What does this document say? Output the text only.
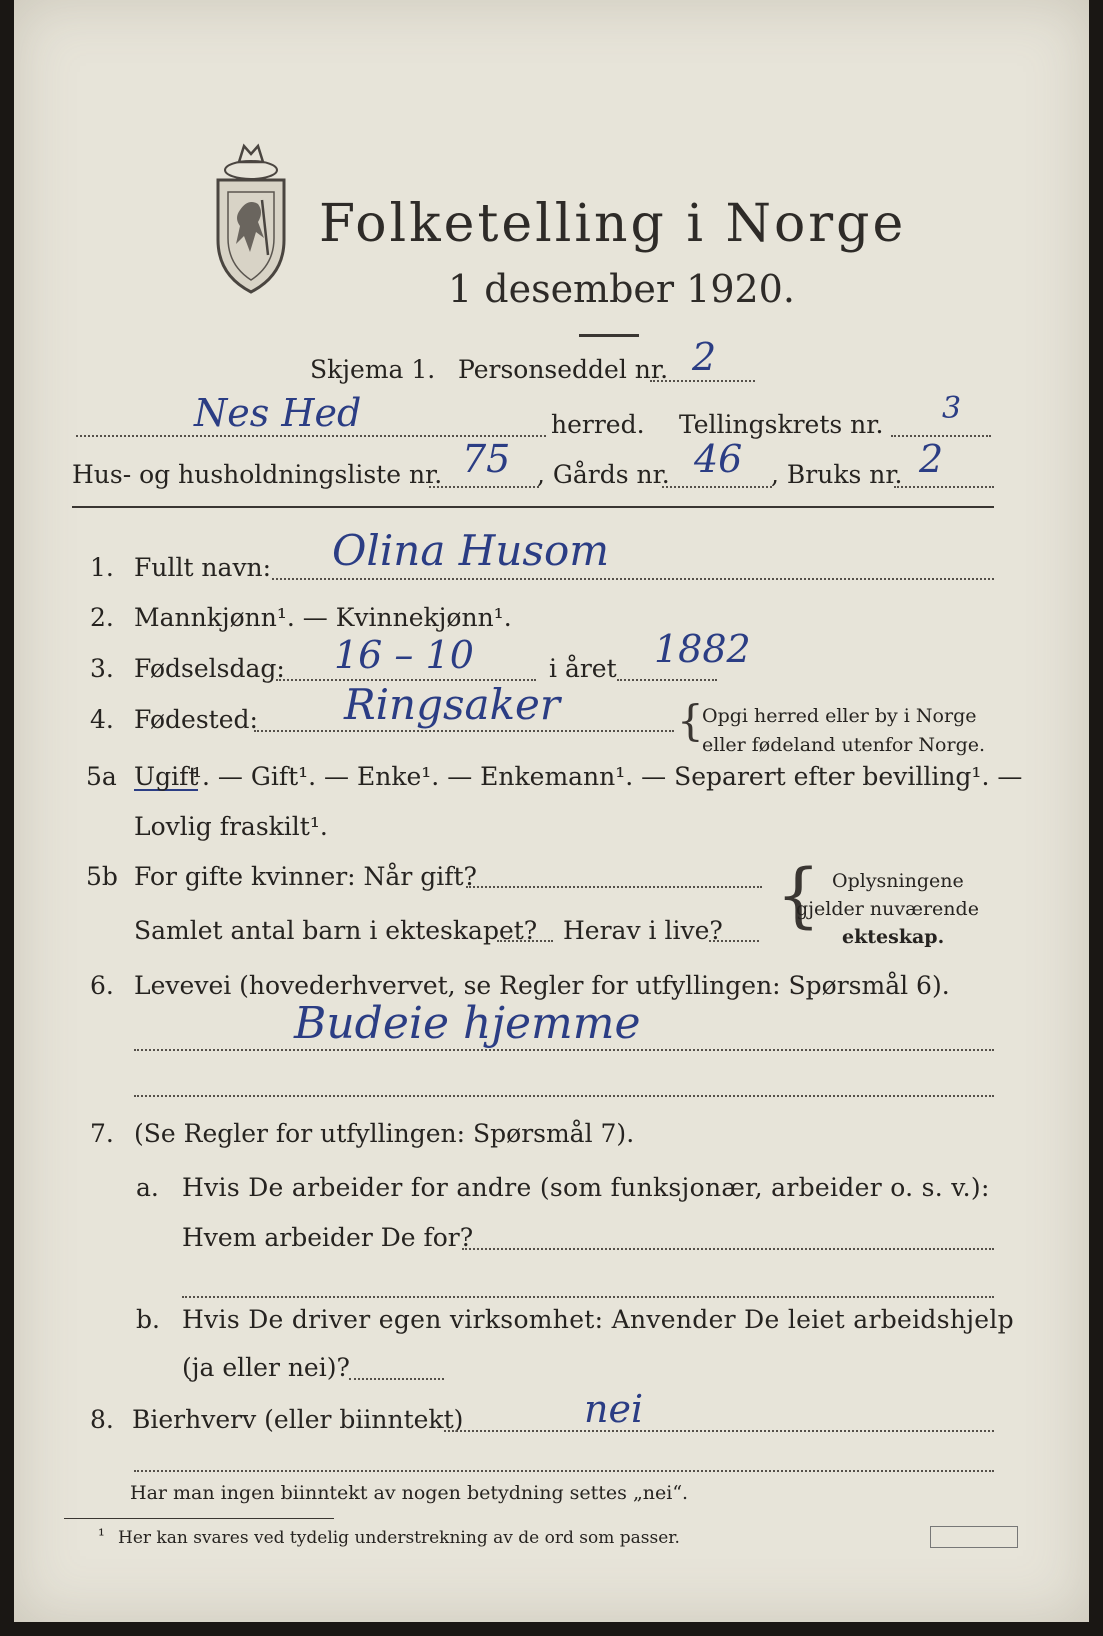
Folketelling i Norge
1 desember 1920.
Skjema 1. Personseddel nr. 2
Nes Hed	herred. Tellingskrets nr. 3
Hus- og husholdningsliste nr. 75 , Gårds nr. 46 , Bruks nr. 2
1. Fullt navn: Olina Husom
2. Mannkjønn¹. — Kvinnekjønn¹.
3. Fødselsdag: 16 – 10	i året 1882
4. Fødested: Ringsaker	{
Opgi herred eller by i Norge
eller fødeland utenfor Norge.
5a Ugift
¹. — Gift¹. — Enke¹. — Enkemann¹. — Separert efter bevilling¹. —
Lovlig fraskilt¹.
5b For gifte kvinner: Når gift?
Samlet antal barn i ekteskapet? Herav i live? { Oplysningene
gjelder nuværende
ekteskap.
6. Levevei (hovederhvervet, se Regler for utfyllingen: Spørsmål 6).
Budeie hjemme
7. (Se Regler for utfyllingen: Spørsmål 7).
a. Hvis De arbeider for andre (som funksjonær, arbeider o. s. v.):
Hvem arbeider De for?
b. Hvis De driver egen virksomhet: Anvender De leiet arbeidshjelp
(ja eller nei)?
8. Bierhverv (eller biinntekt)	nei
Har man ingen biinntekt av nogen betydning settes „nei“.
¹ Her kan svares ved tydelig understrekning av de ord som passer.
